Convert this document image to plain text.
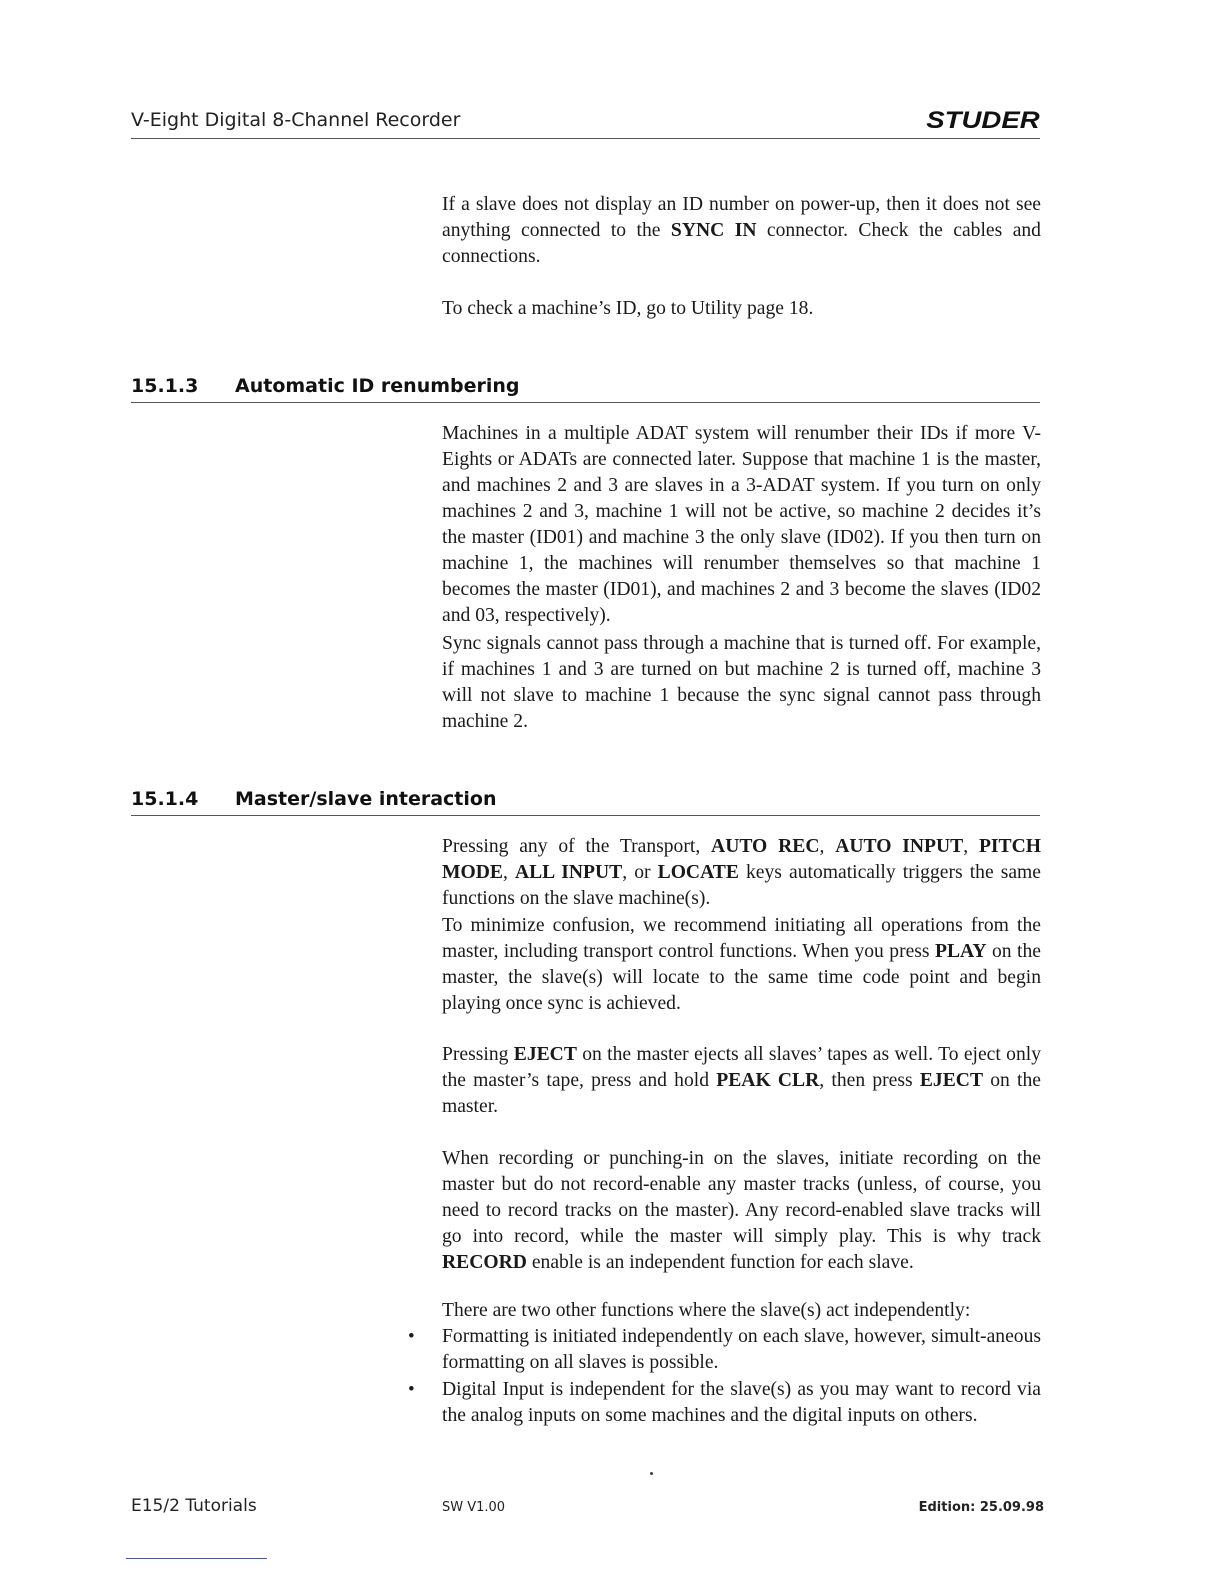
V-Eight Digital 8-Channel Recorder	STUDER

If a slave does not display an ID number on power-up, then it does not see anything connected to the SYNC IN connector. Check the cables and connections.

To check a machine’s ID, go to Utility page 18.

15.1.3 Automatic ID renumbering

Machines in a multiple ADAT system will renumber their IDs if more V-Eights or ADATs are connected later. Suppose that machine 1 is the master, and machines 2 and 3 are slaves in a 3-ADAT system. If you turn on only machines 2 and 3, machine 1 will not be active, so machine 2 decides it’s the master (ID01) and machine 3 the only slave (ID02). If you then turn on machine 1, the machines will renumber themselves so that machine 1 becomes the master (ID01), and machines 2 and 3 become the slaves (ID02 and 03, respectively).

Sync signals cannot pass through a machine that is turned off. For example, if machines 1 and 3 are turned on but machine 2 is turned off, machine 3 will not slave to machine 1 because the sync signal cannot pass through machine 2.

15.1.4 Master/slave interaction

Pressing any of the Transport, AUTO REC, AUTO INPUT, PITCH MODE, ALL INPUT, or LOCATE keys automatically triggers the same functions on the slave machine(s).

To minimize confusion, we recommend initiating all operations from the master, including transport control functions. When you press PLAY on the master, the slave(s) will locate to the same time code point and begin playing once sync is achieved.

Pressing EJECT on the master ejects all slaves’ tapes as well. To eject only the master’s tape, press and hold PEAK CLR, then press EJECT on the master.

When recording or punching-in on the slaves, initiate recording on the master but do not record-enable any master tracks (unless, of course, you need to record tracks on the master). Any record-enabled slave tracks will go into record, while the master will simply play. This is why track RECORD enable is an independent function for each slave.

There are two other functions where the slave(s) act independently:

• Formatting is initiated independently on each slave, however, simult-aneous formatting on all slaves is possible.

• Digital Input is independent for the slave(s) as you may want to record via the analog inputs on some machines and the digital inputs on others.

E15/2 Tutorials	SW V1.00	Edition: 25.09.98
